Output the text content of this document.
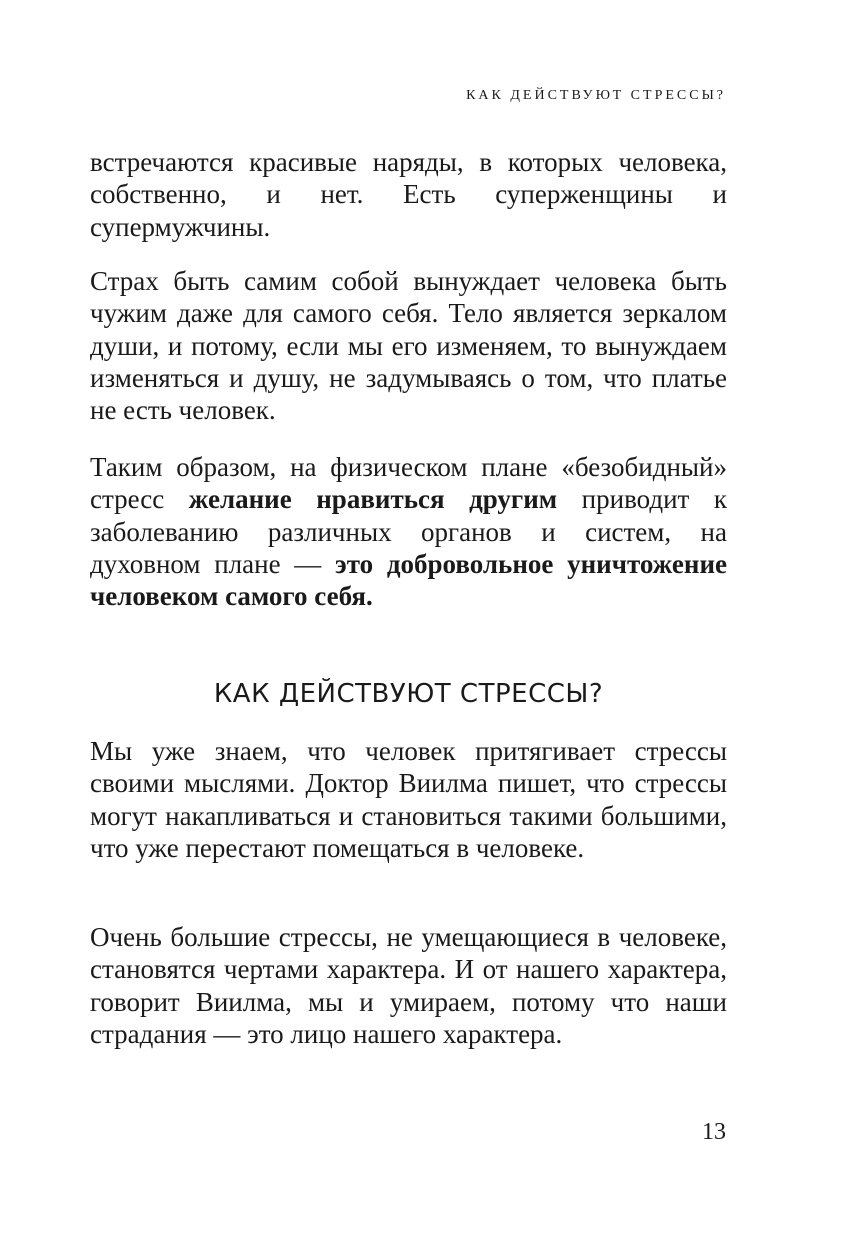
КАК ДЕЙСТВУЮТ СТРЕССЫ?

встречаются красивые наряды, в которых человека, собственно, и нет. Есть суперженщины и супермужчины.

Страх быть самим собой вынуждает человека быть чужим даже для самого себя. Тело является зеркалом души, и потому, если мы его изменяем, то вынуждаем изменяться и душу, не задумываясь о том, что платье не есть человек.

Таким образом, на физическом плане «безобидный» стресс желание нравиться другим приводит к заболеванию различных органов и систем, на духовном плане — это добровольное уничтожение человеком самого себя.

КАК ДЕЙСТВУЮТ СТРЕССЫ?

Мы уже знаем, что человек притягивает стрессы своими мыслями. Доктор Виилма пишет, что стрессы могут накапливаться и становиться такими большими, что уже перестают помещаться в человеке.

Очень большие стрессы, не умещающиеся в человеке, становятся чертами характера. И от нашего характера, говорит Виилма, мы и умираем, потому что наши страдания — это лицо нашего характера.

13
